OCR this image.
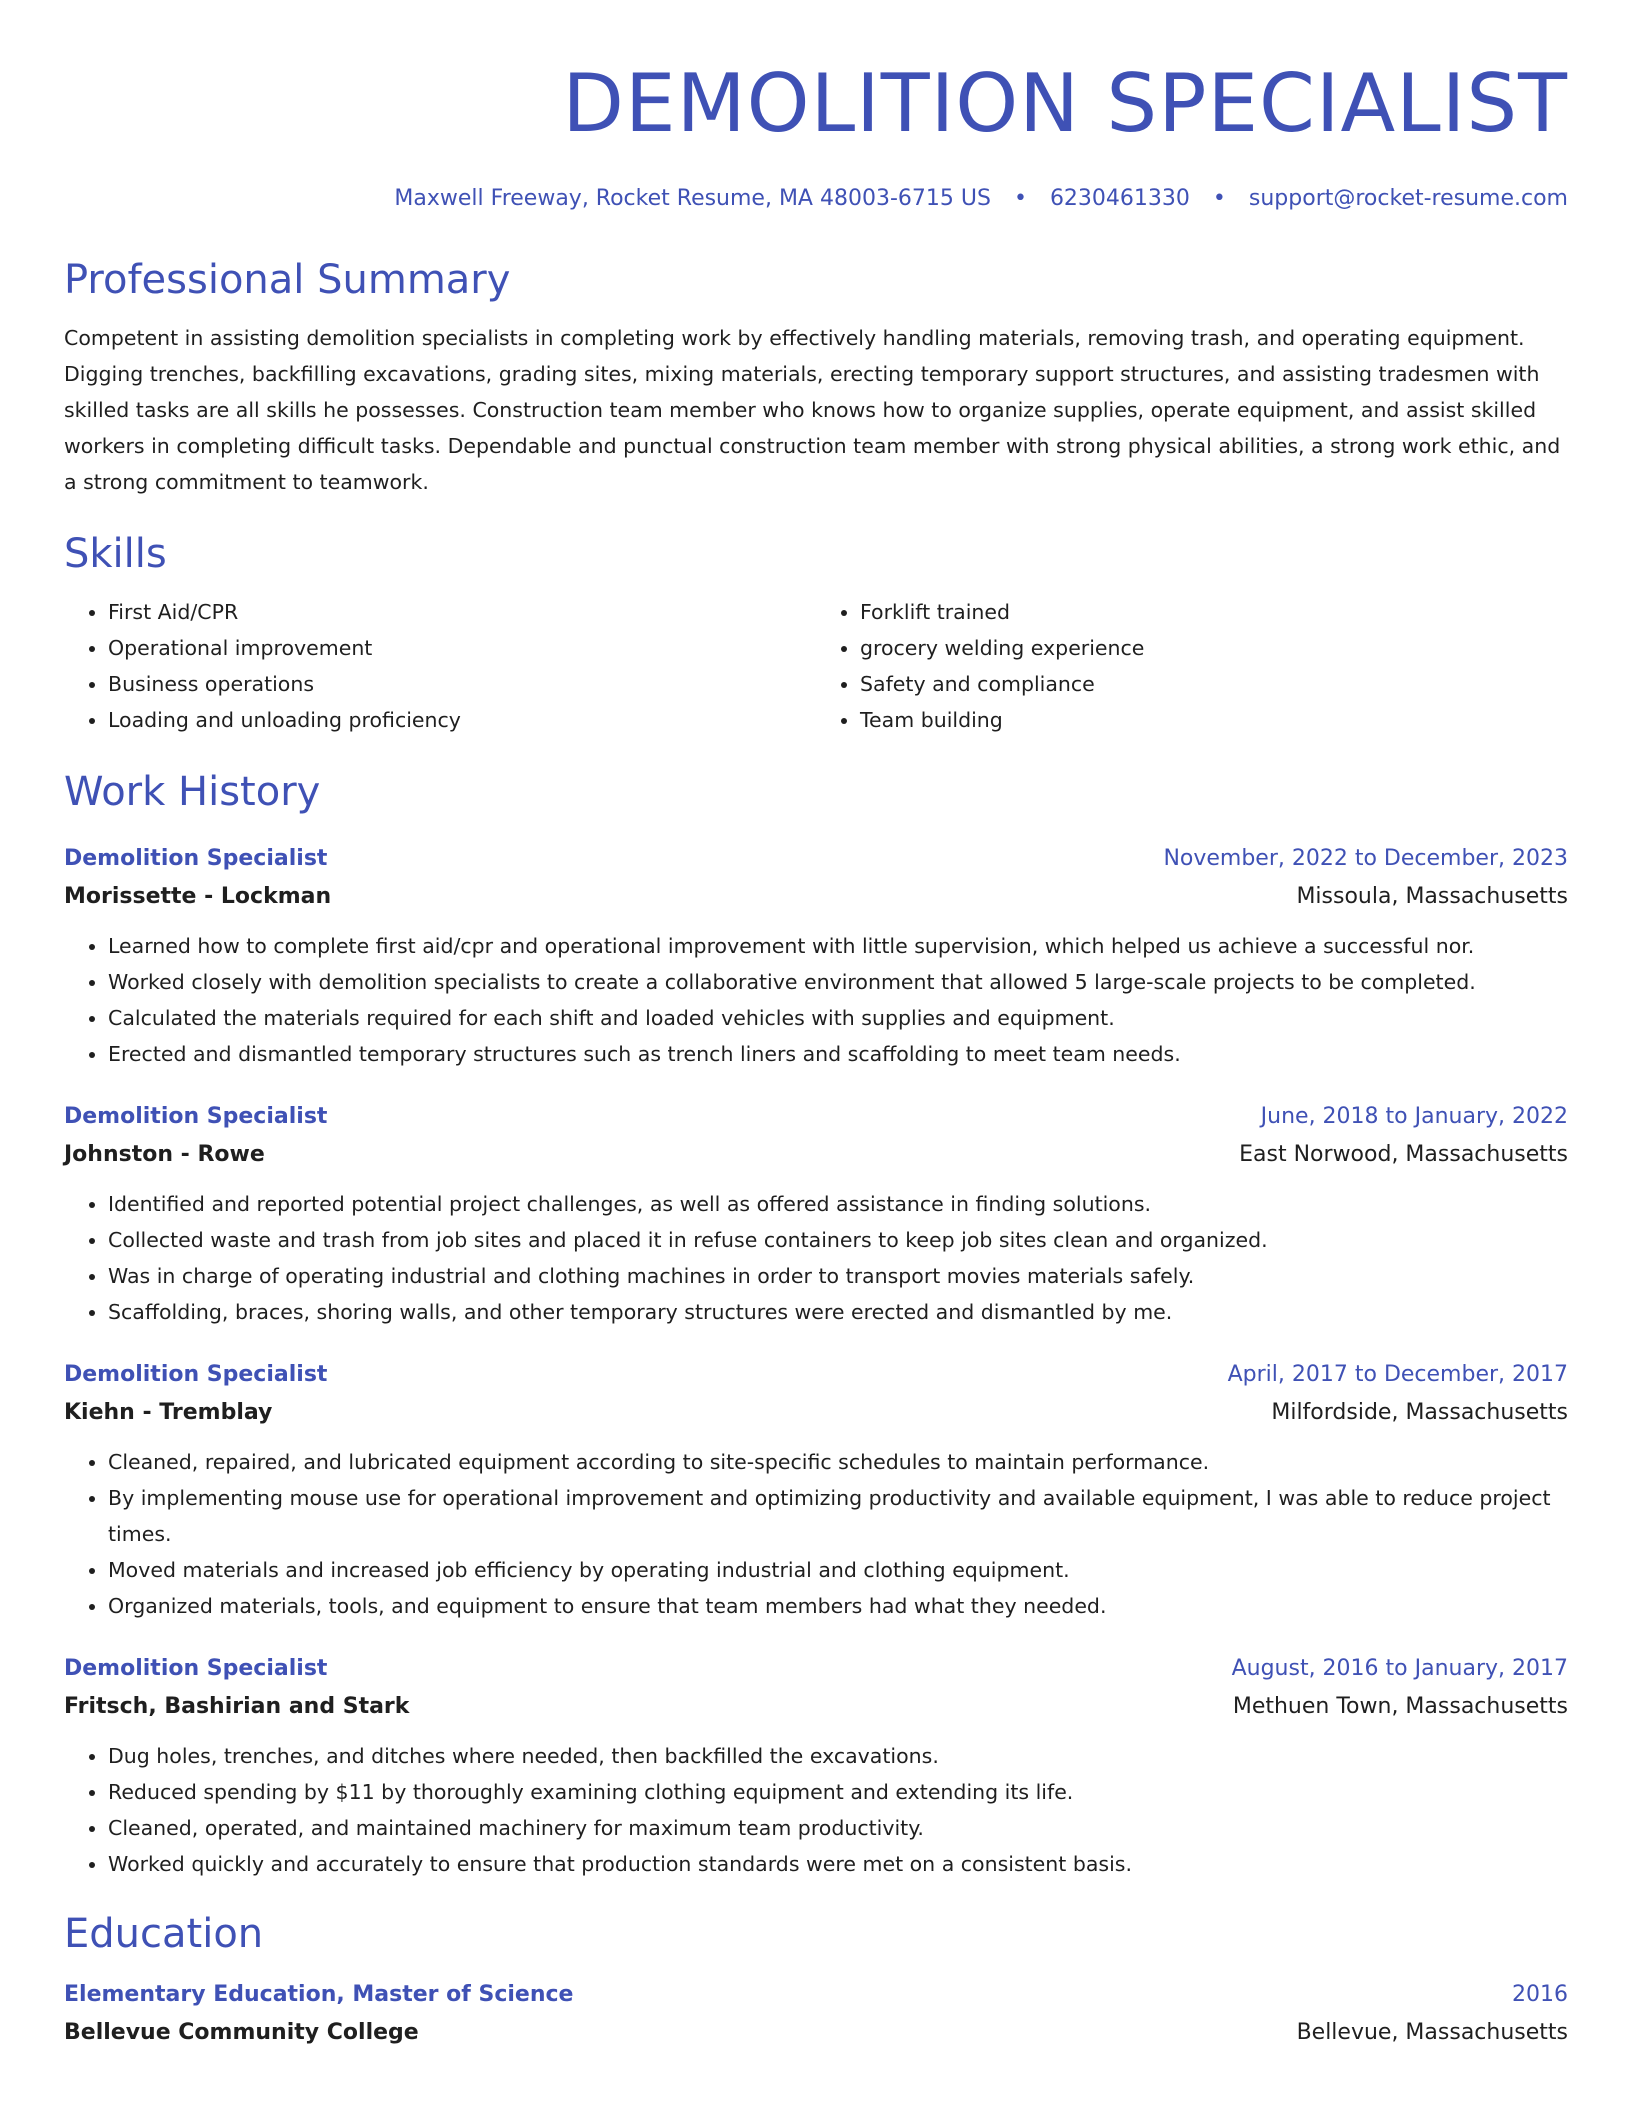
DEMOLITION SPECIALIST
Maxwell Freeway, Rocket Resume, MA 48003-6715 US • 6230461330 • support@rocket-resume.com
Professional Summary
Competent in assisting demolition specialists in completing work by effectively handling materials, removing trash, and operating equipment. Digging trenches, backfilling excavations, grading sites, mixing materials, erecting temporary support structures, and assisting tradesmen with skilled tasks are all skills he possesses. Construction team member who knows how to organize supplies, operate equipment, and assist skilled workers in completing difficult tasks. Dependable and punctual construction team member with strong physical abilities, a strong work ethic, and a strong commitment to teamwork.
Skills
• First Aid/CPR
• Operational improvement
• Business operations
• Loading and unloading proficiency
• Forklift trained
• grocery welding experience
• Safety and compliance
• Team building
Work History
Demolition Specialist	November, 2022 to December, 2023
Morissette - Lockman	Missoula, Massachusetts
• Learned how to complete first aid/cpr and operational improvement with little supervision, which helped us achieve a successful nor.
• Worked closely with demolition specialists to create a collaborative environment that allowed 5 large-scale projects to be completed.
• Calculated the materials required for each shift and loaded vehicles with supplies and equipment.
• Erected and dismantled temporary structures such as trench liners and scaffolding to meet team needs.
Demolition Specialist	June, 2018 to January, 2022
Johnston - Rowe	East Norwood, Massachusetts
• Identified and reported potential project challenges, as well as offered assistance in finding solutions.
• Collected waste and trash from job sites and placed it in refuse containers to keep job sites clean and organized.
• Was in charge of operating industrial and clothing machines in order to transport movies materials safely.
• Scaffolding, braces, shoring walls, and other temporary structures were erected and dismantled by me.
Demolition Specialist	April, 2017 to December, 2017
Kiehn - Tremblay	Milfordside, Massachusetts
• Cleaned, repaired, and lubricated equipment according to site-specific schedules to maintain performance.
• By implementing mouse use for operational improvement and optimizing productivity and available equipment, I was able to reduce project times.
• Moved materials and increased job efficiency by operating industrial and clothing equipment.
• Organized materials, tools, and equipment to ensure that team members had what they needed.
Demolition Specialist	August, 2016 to January, 2017
Fritsch, Bashirian and Stark	Methuen Town, Massachusetts
• Dug holes, trenches, and ditches where needed, then backfilled the excavations.
• Reduced spending by $11 by thoroughly examining clothing equipment and extending its life.
• Cleaned, operated, and maintained machinery for maximum team productivity.
• Worked quickly and accurately to ensure that production standards were met on a consistent basis.
Education
Elementary Education, Master of Science	2016
Bellevue Community College	Bellevue, Massachusetts
